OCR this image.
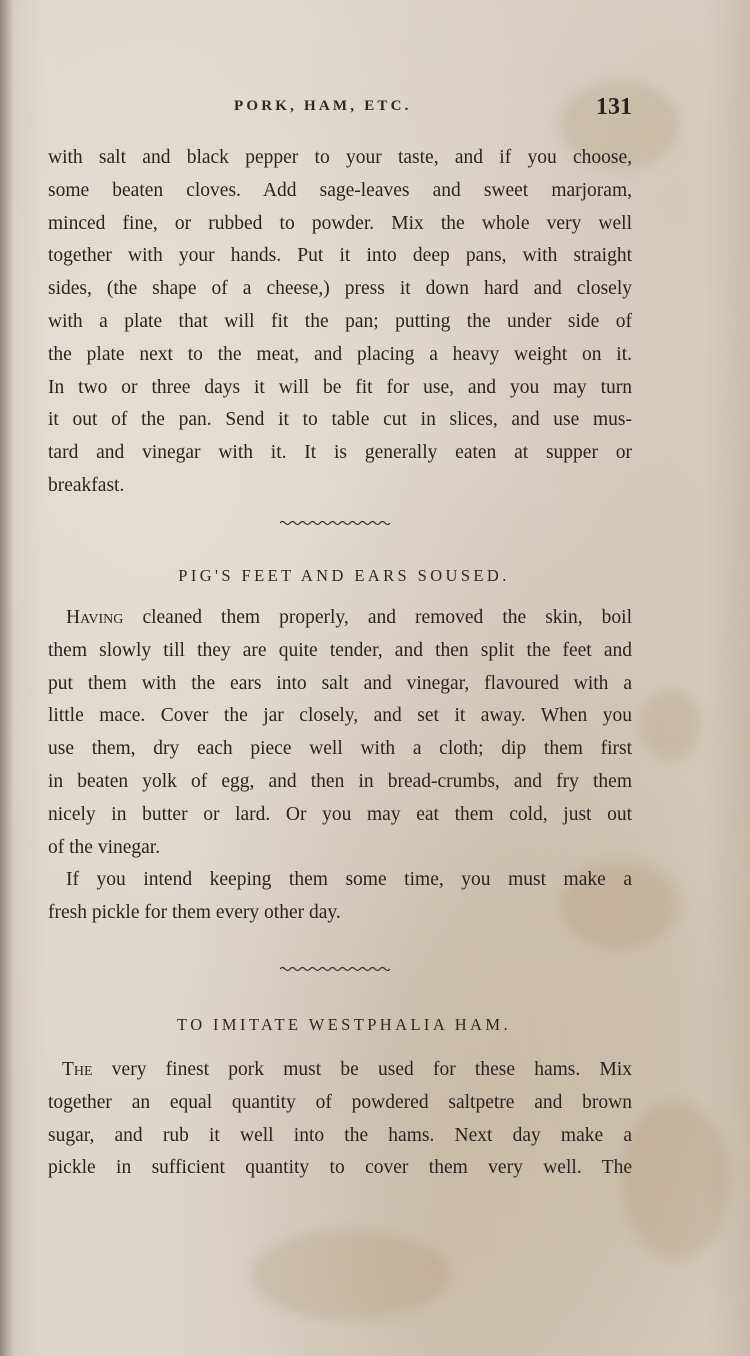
PORK, HAM, ETC.	131
with salt and black pepper to your taste, and if you choose,
some beaten cloves. Add sage-leaves and sweet marjoram,
minced fine, or rubbed to powder. Mix the whole very well
together with your hands. Put it into deep pans, with straight
sides, (the shape of a cheese,) press it down hard and closely
with a plate that will fit the pan; putting the under side of
the plate next to the meat, and placing a heavy weight on it.
In two or three days it will be fit for use, and you may turn
it out of the pan. Send it to table cut in slices, and use mus-
tard and vinegar with it. It is generally eaten at supper or
breakfast.
PIG'S FEET AND EARS SOUSED.
Having cleaned them properly, and removed the skin, boil
them slowly till they are quite tender, and then split the feet and
put them with the ears into salt and vinegar, flavoured with a
little mace. Cover the jar closely, and set it away. When you
use them, dry each piece well with a cloth; dip them first
in beaten yolk of egg, and then in bread-crumbs, and fry them
nicely in butter or lard. Or you may eat them cold, just out
of the vinegar.
If you intend keeping them some time, you must make a
fresh pickle for them every other day.
TO IMITATE WESTPHALIA HAM.
The very finest pork must be used for these hams. Mix
together an equal quantity of powdered saltpetre and brown
sugar, and rub it well into the hams. Next day make a
pickle in sufficient quantity to cover them very well. The
